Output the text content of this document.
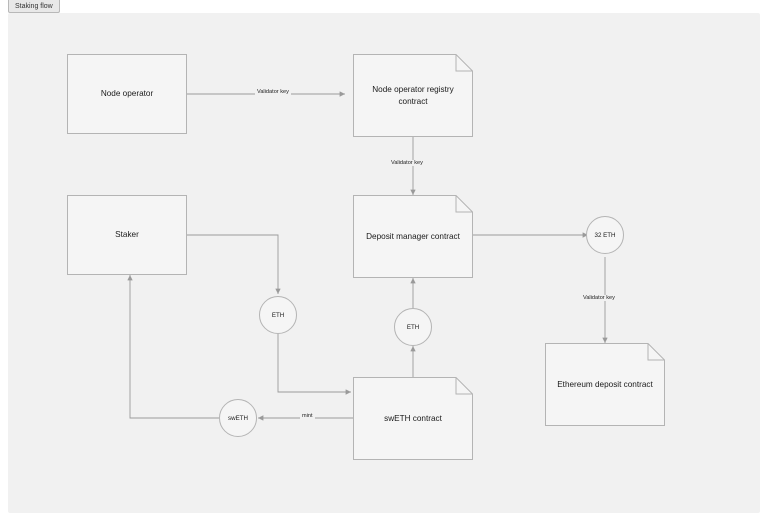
Staking flow
Node operator	Node operator registry contract
Staker	Deposit manager contract
swETH contract
Ethereum deposit contract
ETH
ETH
32 ETH
swETH
Validator key
Validator key
Validator key
mint
